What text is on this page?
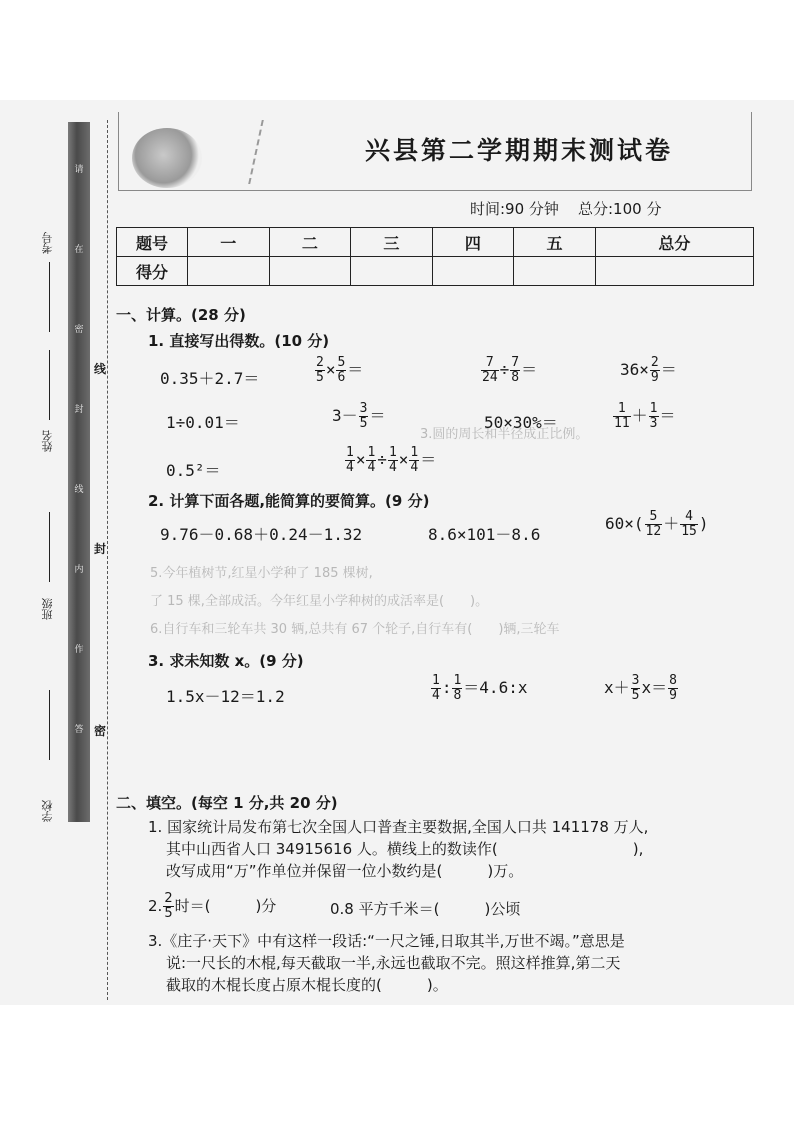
请
在
密
封
线
内
作
答
线
封
密
考号
姓名
班级
学校
兴县第二学期期末测试卷
时间:90 分钟 总分:100 分
题号	一	二	三	四	五	总分
得分						
3.圆的周长和半径成正比例。
5.今年植树节,红星小学种了 185 棵树,
了 15 棵,全部成活。今年红星小学种树的成活率是(　　)。
6.自行车和三轮车共 30 辆,总共有 67 个轮子,自行车有(　　)辆,三轮车
一、计算。(28 分)
1. 直接写出得数。(10 分)
0.35＋2.7＝	$\frac{2}{5} \times \frac{5}{6}$ ＝	$\frac{7}{24} \div \frac{7}{8}$ ＝	$36\times \frac{2}{9}$ ＝
1÷0.01＝	$3- \frac{3}{5}$ ＝	50×30%＝	$\frac{1}{11} + \frac{1}{3}$ ＝
0.5²＝	$\frac{1}{4} \times \frac{1}{4} \div \frac{1}{4} \times \frac{1}{4}$ ＝
2. 计算下面各题,能简算的要简算。(9 分)
9.76－0.68＋0.24－1.32	8.6×101－8.6
$60\times( \frac{5}{12} + \frac{4}{15}$ )
3. 求未知数 x。(9 分)
1.5x－12＝1.2	$\frac{1}{4}$ : $\frac{1}{8}$ ＝4.6:x	$x+ \frac{3}{5} x= \frac{8}{9}$
二、填空。(每空 1 分,共 20 分)
1. 国家统计局发布第七次全国人口普查主要数据,全国人口共 141178 万人,
其中山西省人口 34915616 人。横线上的数读作(　　　　　　　　　),
改写成用“万”作单位并保留一位小数约是(　　　)万。
2. $\frac{2}{5}$ 时＝(　　　)分	0.8 平方千米＝(　　　)公顷
3.《庄子·天下》中有这样一段话:“一尺之锤,日取其半,万世不竭。”意思是
说:一尺长的木棍,每天截取一半,永远也截取不完。照这样推算,第二天
截取的木棍长度占原木棍长度的(　　　)。
